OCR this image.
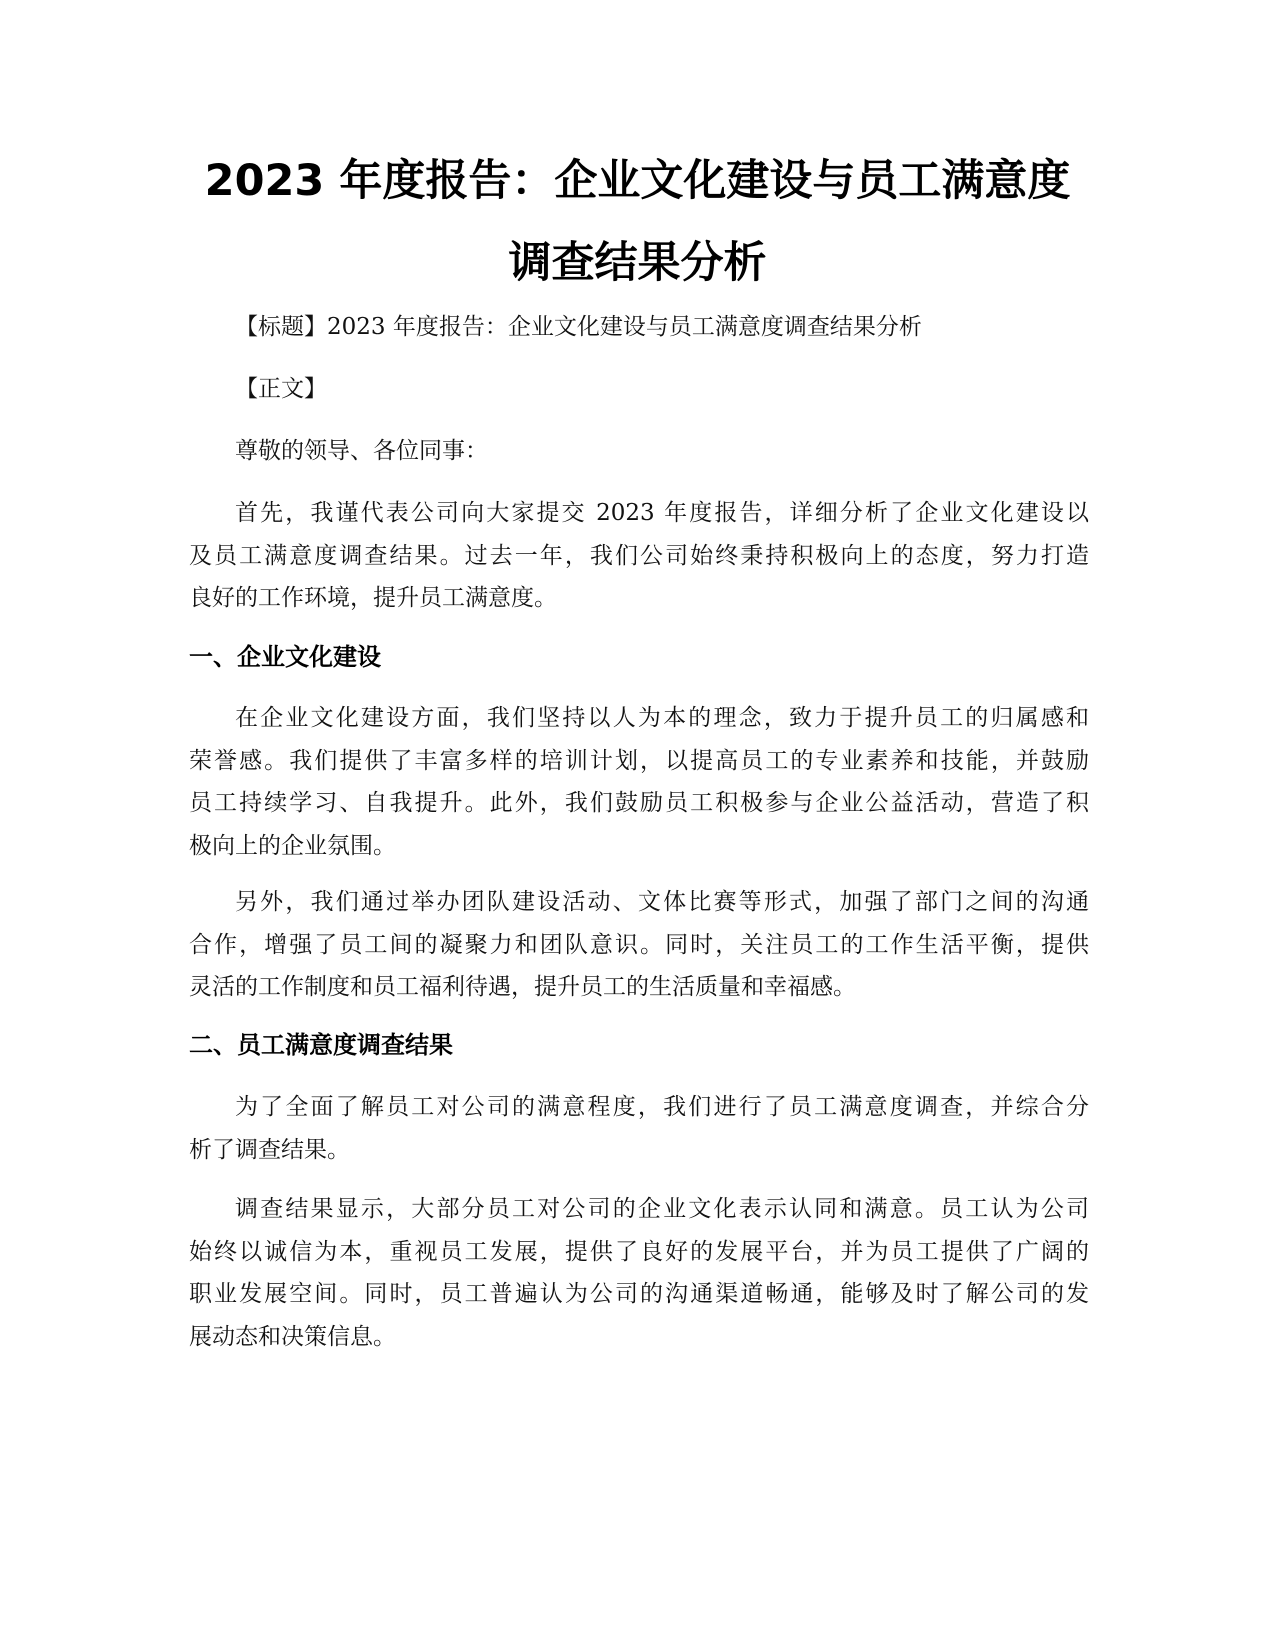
2023 年度报告：企业文化建设与员工满意度
调查结果分析

【标题】2023 年度报告：企业文化建设与员工满意度调查结果分析

【正文】

尊敬的领导、各位同事：

首先，我谨代表公司向大家提交 2023 年度报告，详细分析了企业文化建设以
及员工满意度调查结果。过去一年，我们公司始终秉持积极向上的态度，努力打造
良好的工作环境，提升员工满意度。
一、企业文化建设
在企业文化建设方面，我们坚持以人为本的理念，致力于提升员工的归属感和
荣誉感。我们提供了丰富多样的培训计划，以提高员工的专业素养和技能，并鼓励
员工持续学习、自我提升。此外，我们鼓励员工积极参与企业公益活动，营造了积
极向上的企业氛围。
另外，我们通过举办团队建设活动、文体比赛等形式，加强了部门之间的沟通
合作，增强了员工间的凝聚力和团队意识。同时，关注员工的工作生活平衡，提供
灵活的工作制度和员工福利待遇，提升员工的生活质量和幸福感。
二、员工满意度调查结果
为了全面了解员工对公司的满意程度，我们进行了员工满意度调查，并综合分
析了调查结果。
调查结果显示，大部分员工对公司的企业文化表示认同和满意。员工认为公司
始终以诚信为本，重视员工发展，提供了良好的发展平台，并为员工提供了广阔的
职业发展空间。同时，员工普遍认为公司的沟通渠道畅通，能够及时了解公司的发
展动态和决策信息。
